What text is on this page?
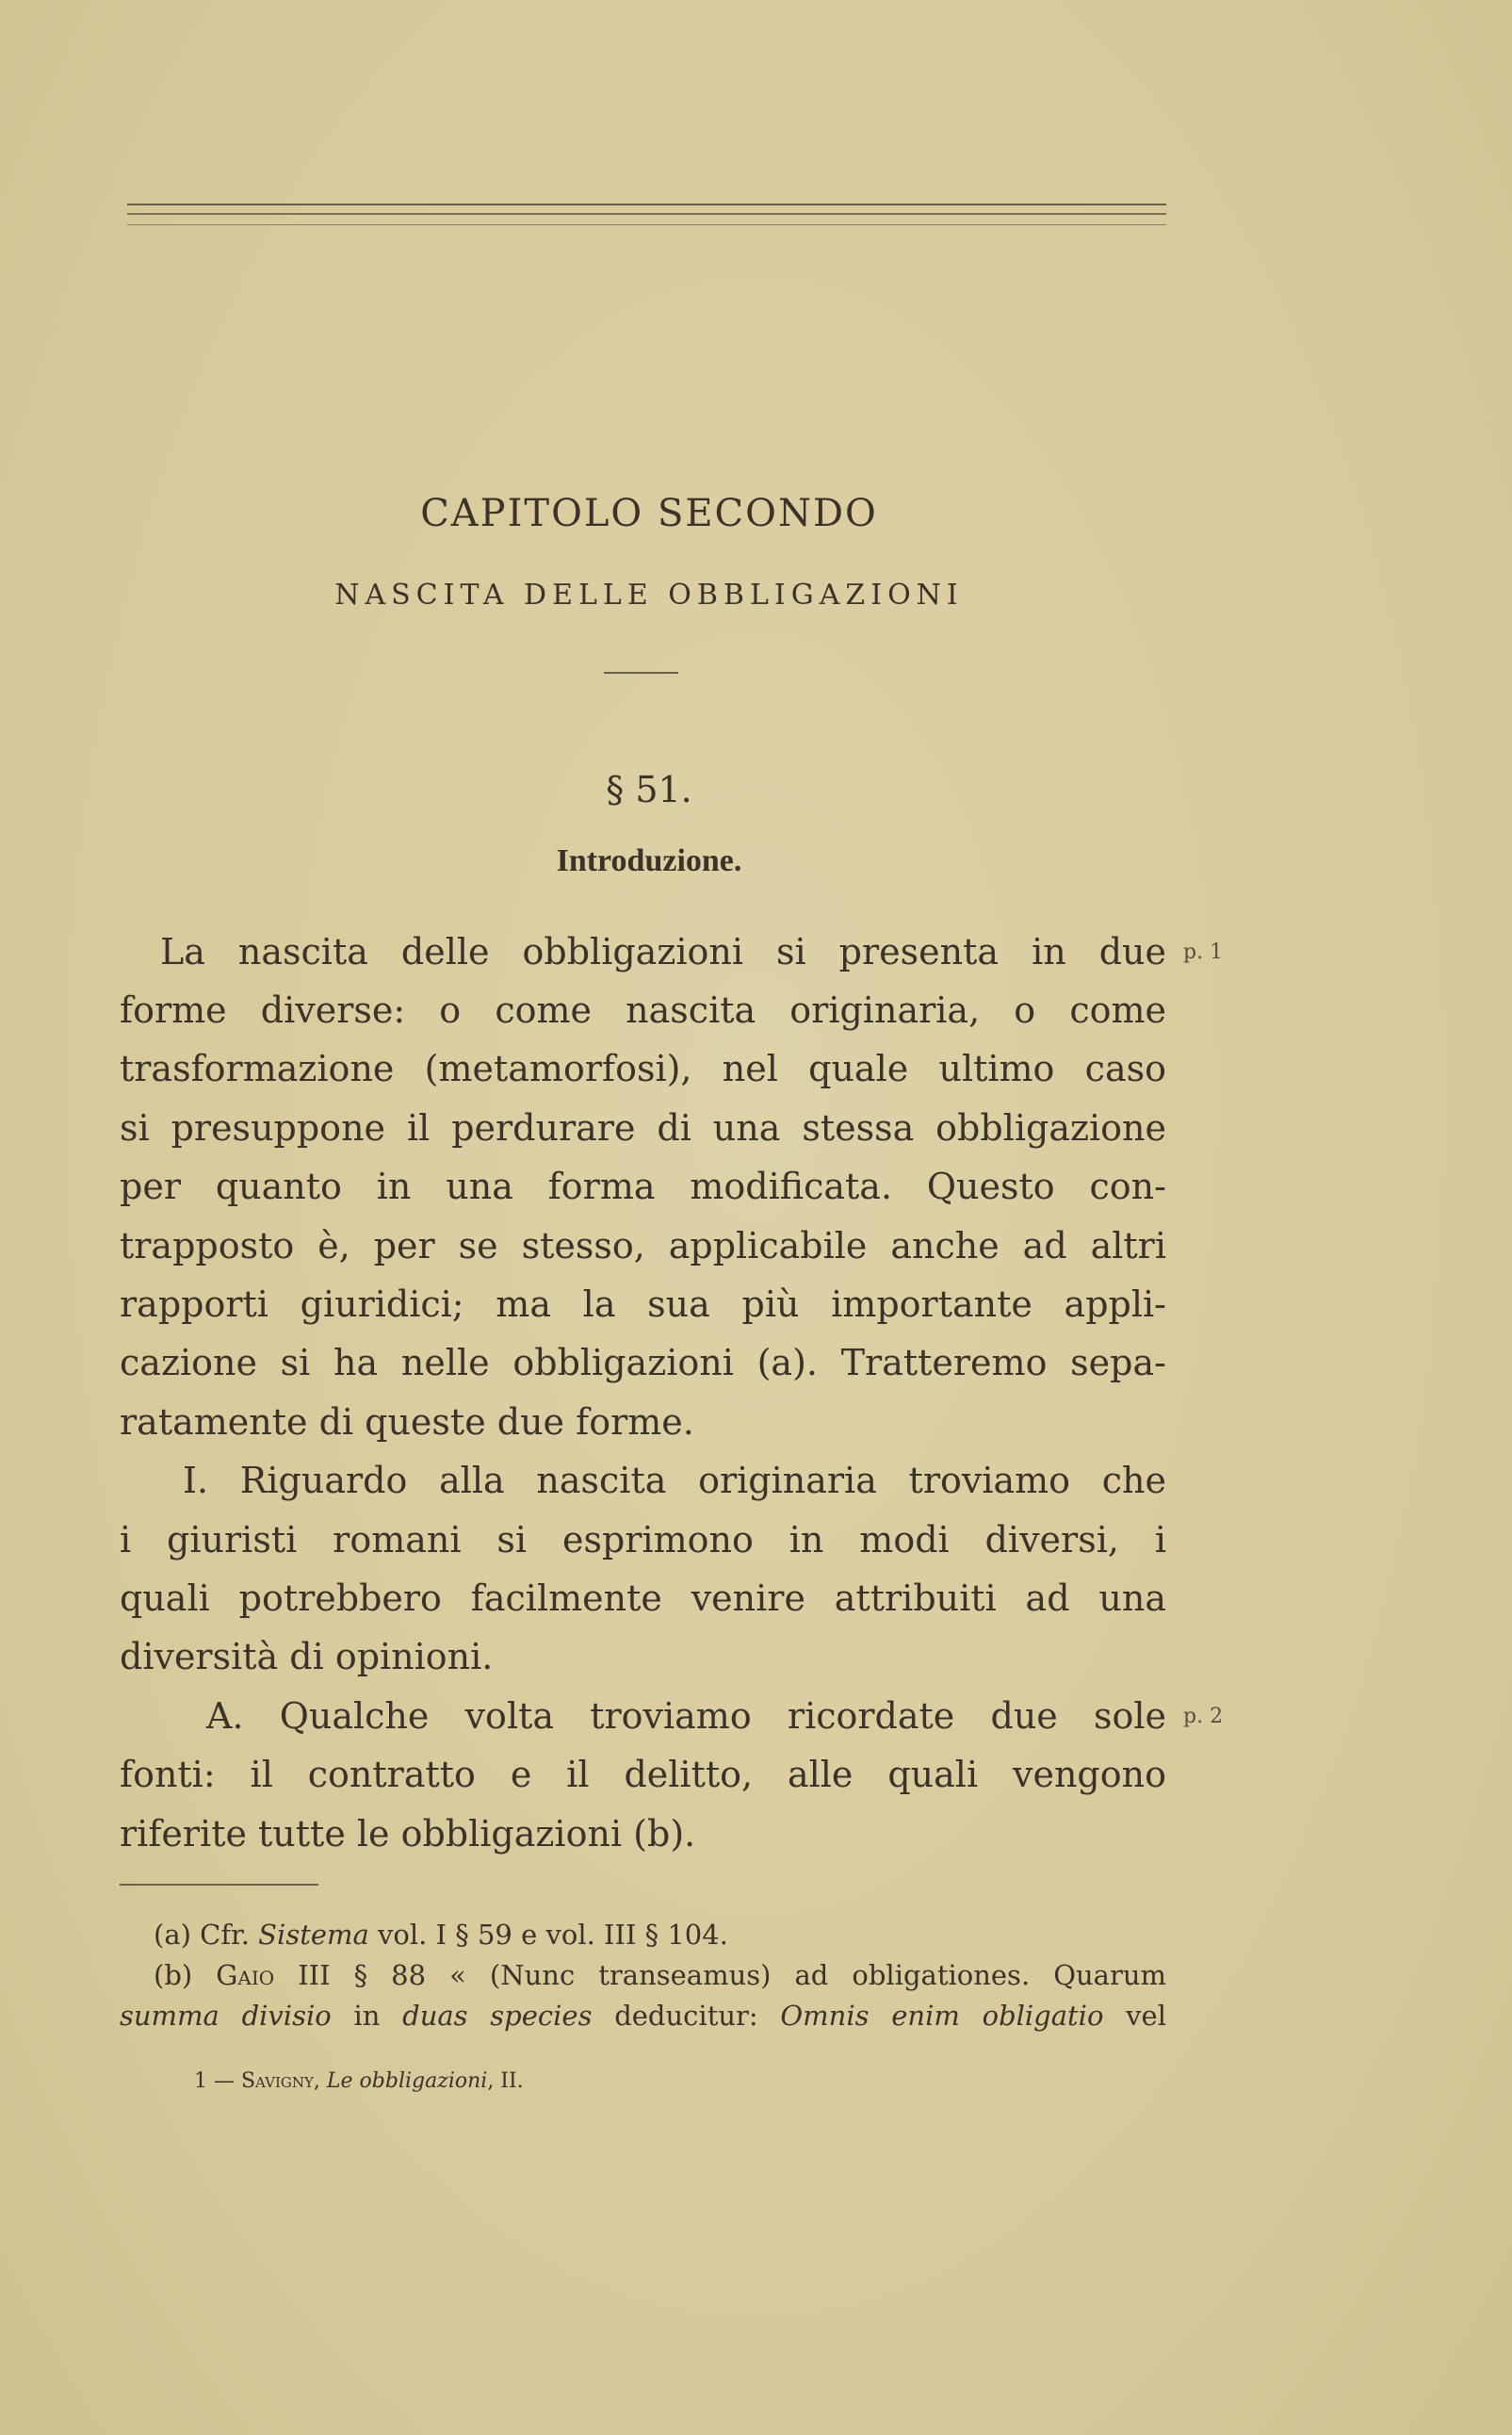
CAPITOLO SECONDO
NASCITA DELLE OBBLIGAZIONI
§ 51.
Introduzione.
La nascita delle obbligazioni si presenta in due
forme diverse: o come nascita originaria, o come
trasformazione (metamorfosi), nel quale ultimo caso
si presuppone il perdurare di una stessa obbligazione
per quanto in una forma modificata. Questo con-
trapposto è, per se stesso, applicabile anche ad altri
rapporti giuridici; ma la sua più importante appli-
cazione si ha nelle obbligazioni (a). Tratteremo sepa-
ratamente di queste due forme.
I. Riguardo alla nascita originaria troviamo che
i giuristi romani si esprimono in modi diversi, i
quali potrebbero facilmente venire attribuiti ad una
diversità di opinioni.
A. Qualche volta troviamo ricordate due sole
fonti: il contratto e il delitto, alle quali vengono
riferite tutte le obbligazioni (b).
p. 1
p. 2
(a) Cfr. Sistema vol. I § 59 e vol. III § 104.
(b) Gaio III § 88 « (Nunc transeamus) ad obligationes. Quarum
summa divisio in duas species deducitur: Omnis enim obligatio vel
1 — Savigny, Le obbligazioni, II.
